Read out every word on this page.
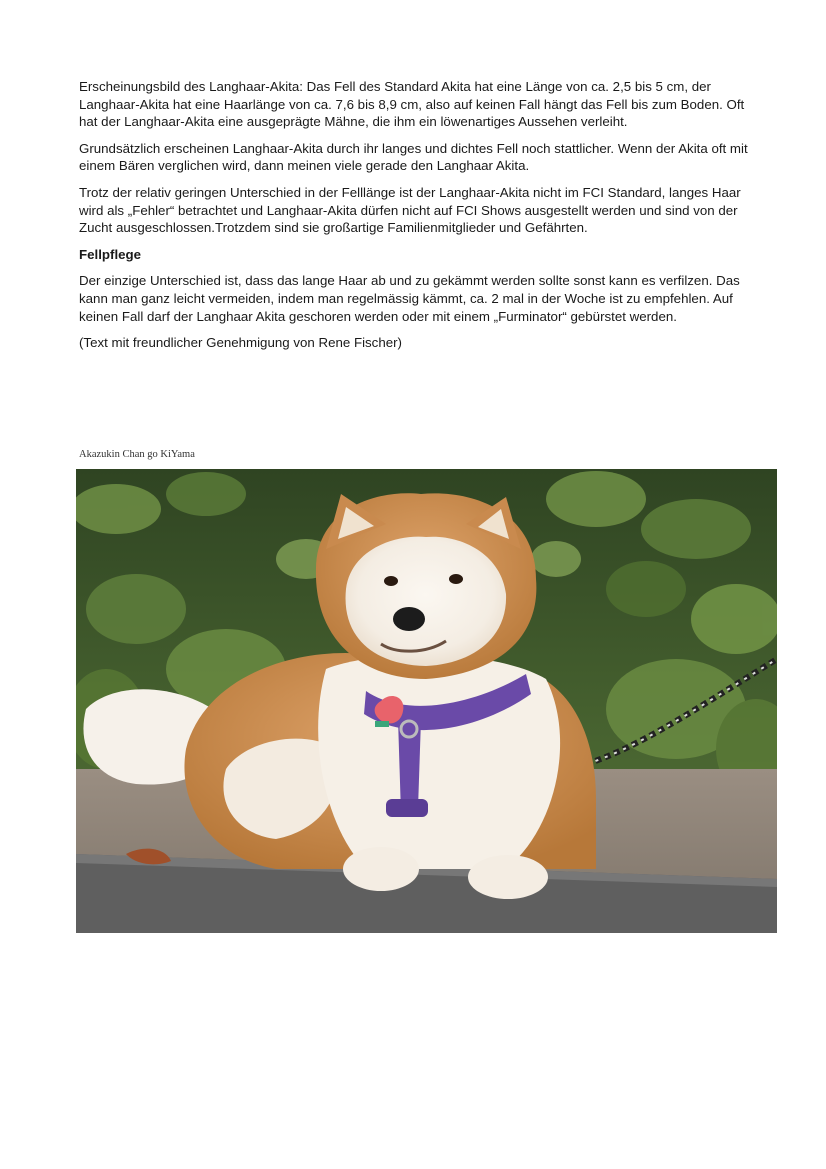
Erscheinungsbild des Langhaar-Akita: Das Fell des Standard Akita hat eine Länge von ca. 2,5 bis 5 cm, der Langhaar-Akita hat eine Haarlänge von ca. 7,6 bis 8,9 cm, also auf keinen Fall hängt das Fell bis zum Boden. Oft hat der Langhaar-Akita eine ausgeprägte Mähne, die ihm ein löwenartiges Aussehen verleiht.

Grundsätzlich erscheinen Langhaar-Akita durch ihr langes und dichtes Fell noch stattlicher. Wenn der Akita oft mit einem Bären verglichen wird, dann meinen viele gerade den Langhaar Akita.

Trotz der relativ geringen Unterschied in der Felllänge ist der Langhaar-Akita nicht im FCI Standard, langes Haar wird als „Fehler“ betrachtet und Langhaar-Akita dürfen nicht auf FCI Shows ausgestellt werden und sind von der Zucht ausgeschlossen.Trotzdem sind sie großartige Familienmitglieder und Gefährten.

Fellpflege

Der einzige Unterschied ist, dass das lange Haar ab und zu gekämmt werden sollte sonst kann es verfilzen. Das kann man ganz leicht vermeiden, indem man regelmässig kämmt, ca. 2 mal in der Woche ist zu empfehlen. Auf keinen Fall darf der Langhaar Akita geschoren werden oder mit einem „Furminator“ gebürstet werden.

(Text mit freundlicher Genehmigung von Rene Fischer)

Akazukin Chan go KiYama
